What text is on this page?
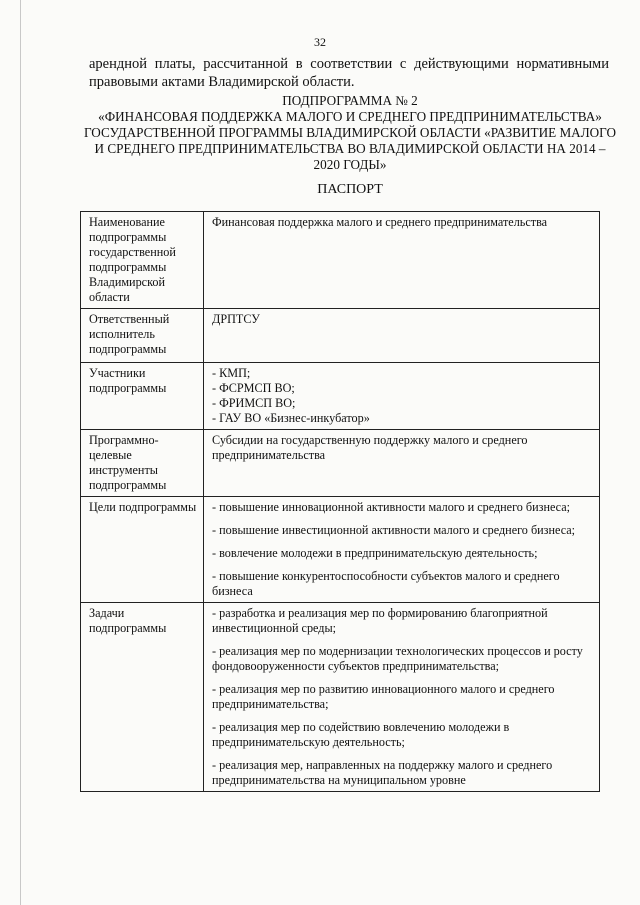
32

арендной платы, рассчитанной в соответствии с действующими нормативными правовыми актами Владимирской области.

ПОДПРОГРАММА № 2
«ФИНАНСОВАЯ ПОДДЕРЖКА МАЛОГО И СРЕДНЕГО ПРЕДПРИНИМАТЕЛЬСТВА»
ГОСУДАРСТВЕННОЙ ПРОГРАММЫ ВЛАДИМИРСКОЙ ОБЛАСТИ «РАЗВИТИЕ МАЛОГО
И СРЕДНЕГО ПРЕДПРИНИМАТЕЛЬСТВА ВО ВЛАДИМИРСКОЙ ОБЛАСТИ НА 2014 –
2020 ГОДЫ»
ПАСПОРТ
Наименование подпрограммы государственной подпрограммы Владимирской области	Финансовая поддержка малого и среднего предпринимательства
Ответственный исполнитель подпрограммы	ДРПТСУ
Участники подпрограммы	- КМП;
- ФСРМСП ВО;
- ФРИМСП ВО;
- ГАУ ВО «Бизнес-инкубатор»

Программно-целевые инструменты подпрограммы	Субсидии на государственную поддержку малого и среднего предпринимательства
Цели подпрограммы	- повышение инновационной активности малого и среднего бизнеса;

- повышение инвестиционной активности малого и среднего бизнеса;

- вовлечение молодежи в предпринимательскую деятельность;

- повышение конкурентоспособности субъектов малого и среднего бизнеса

Задачи подпрограммы	- разработка и реализация мер по формированию благоприятной инвестиционной среды;

- реализация мер по модернизации технологических процессов и росту фондовооруженности субъектов предпринимательства;

- реализация мер по развитию инновационного малого и среднего предпринимательства;

- реализация мер по содействию вовлечению молодежи в предпринимательскую деятельность;

- реализация мер, направленных на поддержку малого и среднего предпринимательства на муниципальном уровне
